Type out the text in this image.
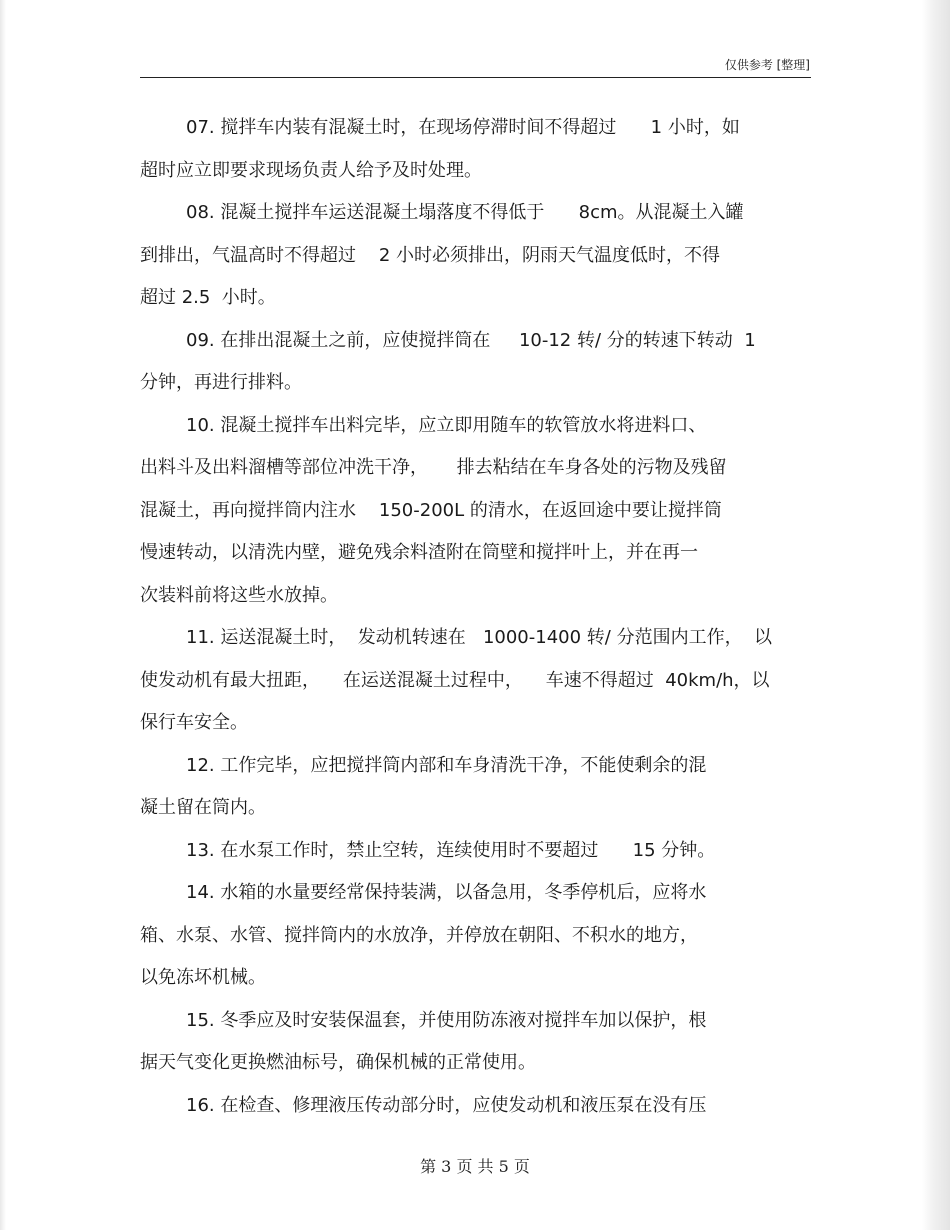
仅供参考 [整理]
07. 搅拌车内装有混凝土时，在现场停滞时间不得超过      1 小时，如
超时应立即要求现场负责人给予及时处理。
08. 混凝土搅拌车运送混凝土塌落度不得低于      8cm。从混凝土入罐
到排出，气温高时不得超过    2 小时必须排出，阴雨天气温度低时，不得
超过 2.5  小时。
09. 在排出混凝土之前，应使搅拌筒在     10-12 转/ 分的转速下转动  1
分钟，再进行排料。
10. 混凝土搅拌车出料完毕，应立即用随车的软管放水将进料口、
出料斗及出料溜槽等部位冲洗干净，     排去粘结在车身各处的污物及残留
混凝土，再向搅拌筒内注水    150-200L 的清水，在返回途中要让搅拌筒
慢速转动，以清洗内壁，避免残余料渣附在筒壁和搅拌叶上，并在再一
次装料前将这些水放掉。
11. 运送混凝土时，  发动机转速在   1000-1400 转/ 分范围内工作，  以
使发动机有最大扭距，    在运送混凝土过程中，    车速不得超过  40km/h，以
保行车安全。
12. 工作完毕，应把搅拌筒内部和车身清洗干净，不能使剩余的混
凝土留在筒内。
13. 在水泵工作时，禁止空转，连续使用时不要超过      15 分钟。
14. 水箱的水量要经常保持装满，以备急用，冬季停机后，应将水
箱、水泵、水管、搅拌筒内的水放净，并停放在朝阳、不积水的地方，
以免冻坏机械。
15. 冬季应及时安装保温套，并使用防冻液对搅拌车加以保护，根
据天气变化更换燃油标号，确保机械的正常使用。
16. 在检查、修理液压传动部分时，应使发动机和液压泵在没有压
第 3 页 共 5 页
